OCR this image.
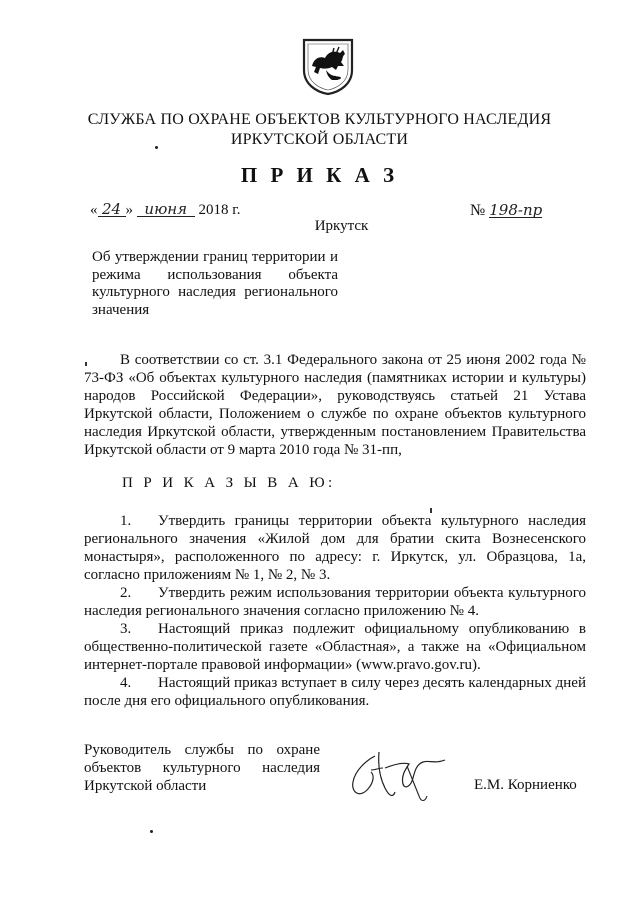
СЛУЖБА ПО ОХРАНЕ ОБЪЕКТОВ КУЛЬТУРНОГО НАСЛЕДИЯ
ИРКУТСКОЙ ОБЛАСТИ
П Р И К А З
« 24 » июня 2018 г.	№ 198-пр
Иркутск
Об утверждении границ территории и режима использования объекта культурного наследия регионального значения
В соответствии со ст. 3.1 Федерального закона от 25 июня 2002 года № 73-ФЗ «Об объектах культурного наследия (памятниках истории и культуры) народов Российской Федерации», руководствуясь статьей 21 Устава Иркутской области, Положением о службе по охране объектов культурного наследия Иркутской области, утвержденным постановлением Правительства Иркутской области от 9 марта 2010 года № 31-пп,
П Р И К А З Ы В А Ю:
1. Утвердить границы территории объекта культурного наследия регионального значения «Жилой дом для братии скита Вознесенского монастыря», расположенного по адресу: г. Иркутск, ул. Образцова, 1а, согласно приложениям № 1, № 2, № 3.
2. Утвердить режим использования территории объекта культурного наследия регионального значения согласно приложению № 4.
3. Настоящий приказ подлежит официальному опубликованию в общественно-политической газете «Областная», а также на «Официальном интернет-портале правовой информации» (www.pravo.gov.ru).
4. Настоящий приказ вступает в силу через десять календарных дней после дня его официального опубликования.
Руководитель службы по охране
объектов культурного наследия
Иркутской области	Е.М. Корниенко
